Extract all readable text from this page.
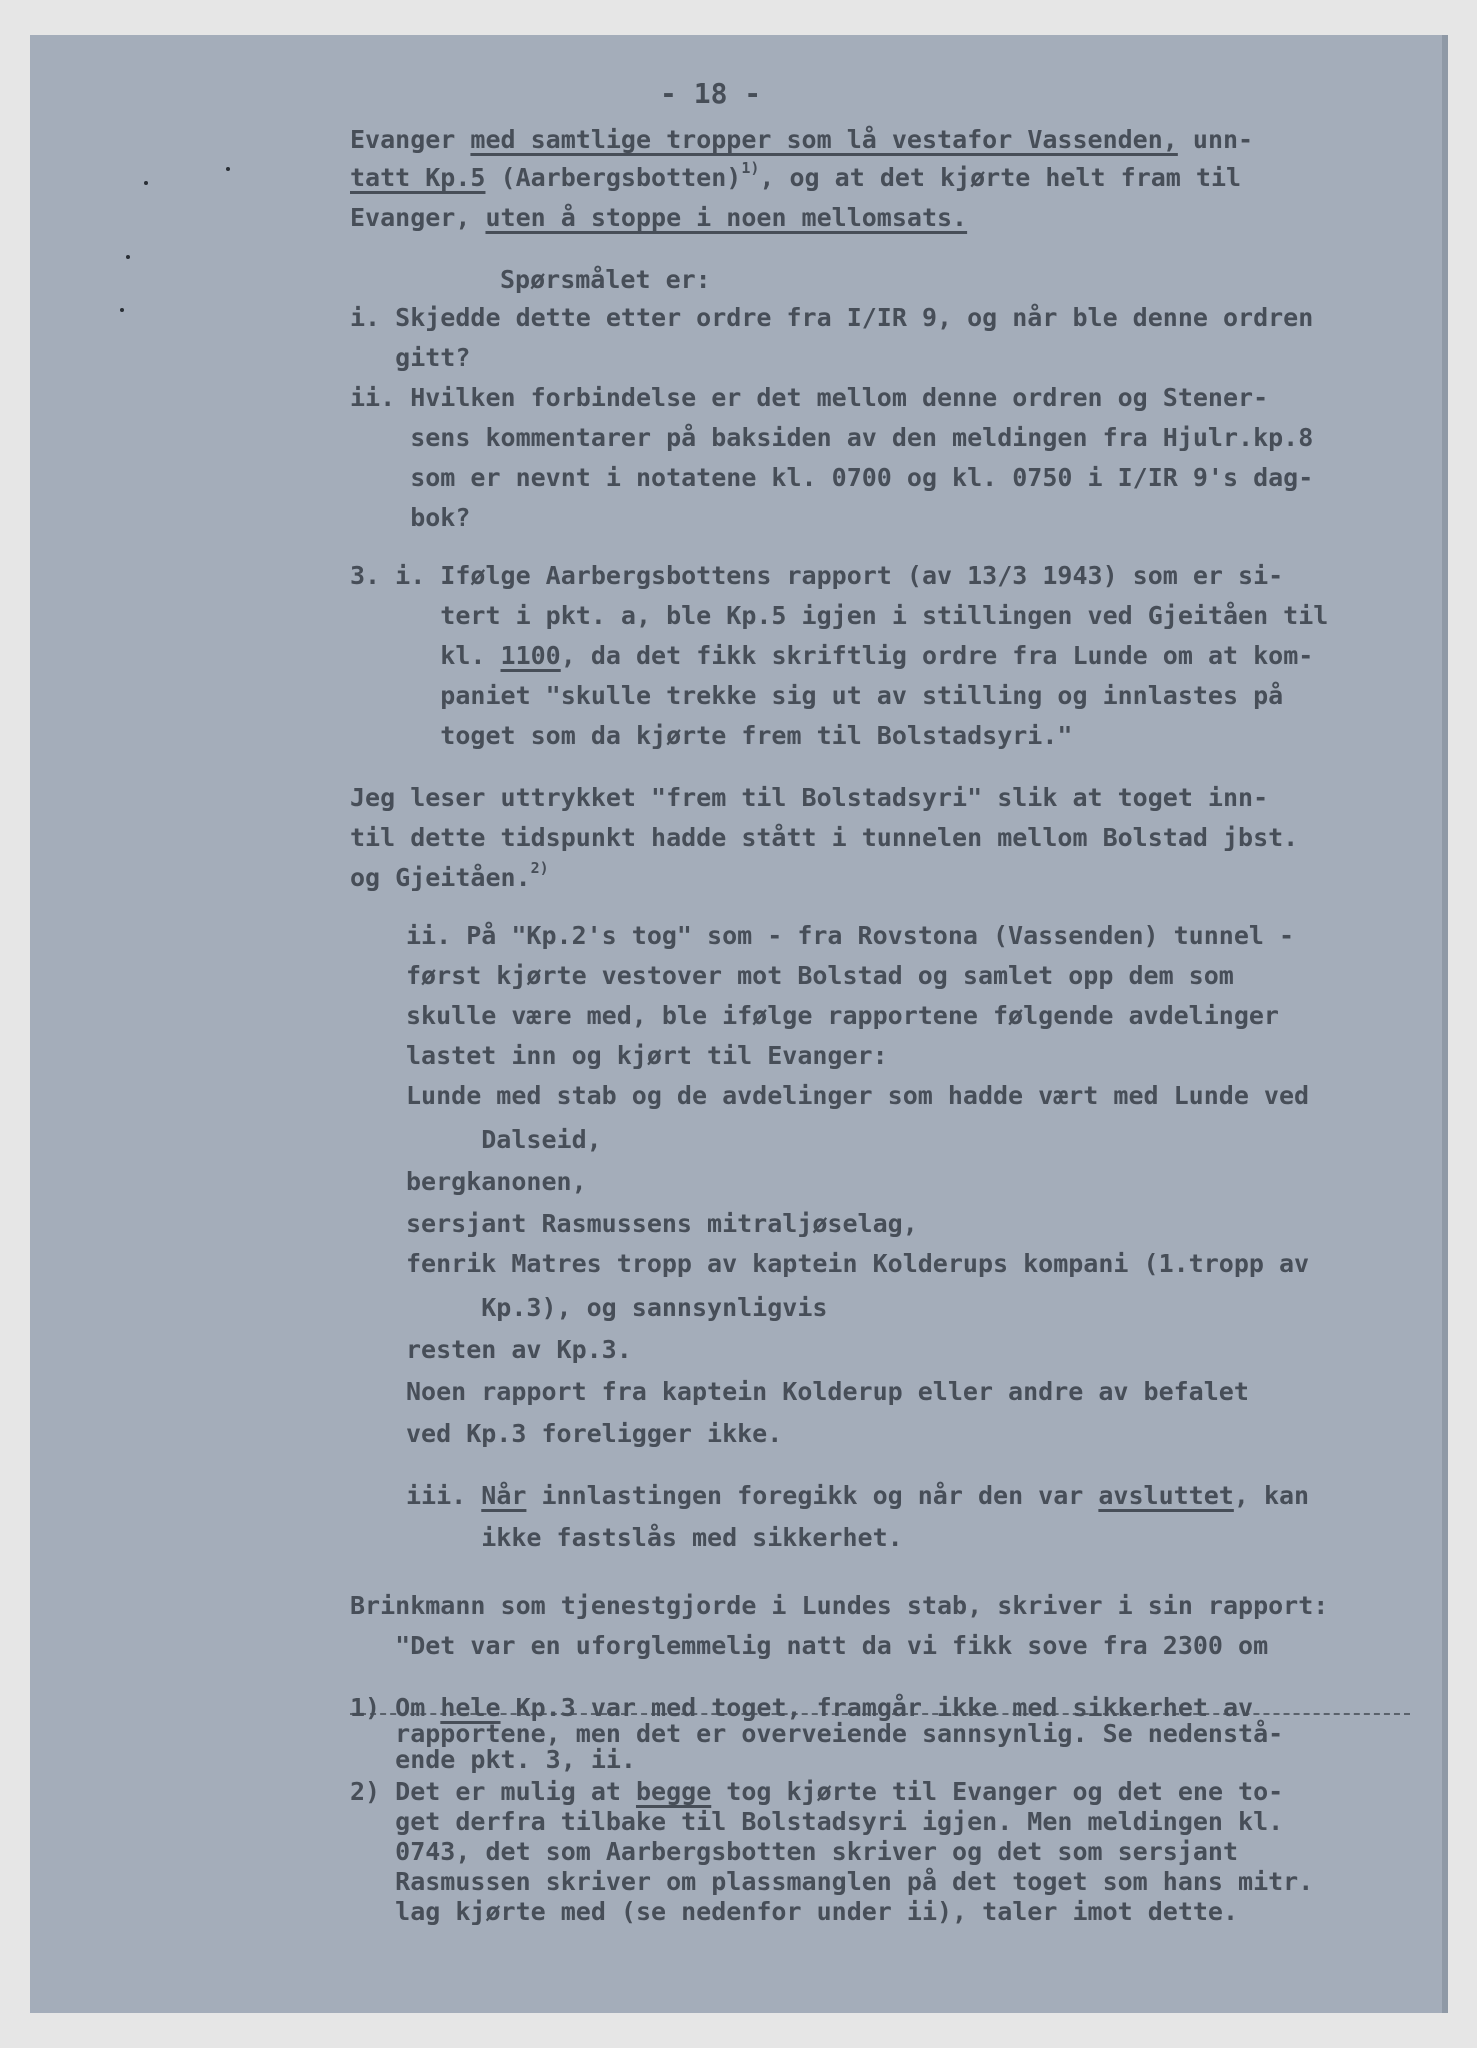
- 18 -
Evanger med samtlige tropper som lå vestafor Vassenden, unn-
tatt Kp.5 (Aarbergsbotten)$^{1)}$, og at det kjørte helt fram til
Evanger, uten å stoppe i noen mellomsats.
Spørsmålet er:
i. Skjedde dette etter ordre fra I/IR 9, og når ble denne ordren
gitt?
ii. Hvilken forbindelse er det mellom denne ordren og Stener-
sens kommentarer på baksiden av den meldingen fra Hjulr.kp.8
som er nevnt i notatene kl. 0700 og kl. 0750 i I/IR 9's dag-
bok?
3. i. Ifølge Aarbergsbottens rapport (av 13/3 1943) som er si-
tert i pkt. a, ble Kp.5 igjen i stillingen ved Gjeitåen til
kl. 1100, da det fikk skriftlig ordre fra Lunde om at kom-
paniet "skulle trekke sig ut av stilling og innlastes på
toget som da kjørte frem til Bolstadsyri."
Jeg leser uttrykket "frem til Bolstadsyri" slik at toget inn-
til dette tidspunkt hadde stått i tunnelen mellom Bolstad jbst.
og Gjeitåen.$^{2)}$
ii. På "Kp.2's tog" som - fra Rovstona (Vassenden) tunnel -
først kjørte vestover mot Bolstad og samlet opp dem som
skulle være med, ble ifølge rapportene følgende avdelinger
lastet inn og kjørt til Evanger:
Lunde med stab og de avdelinger som hadde vært med Lunde ved
Dalseid,
bergkanonen,
sersjant Rasmussens mitraljøselag,
fenrik Matres tropp av kaptein Kolderups kompani (1.tropp av
Kp.3), og sannsynligvis
resten av Kp.3.
Noen rapport fra kaptein Kolderup eller andre av befalet
ved Kp.3 foreligger ikke.
iii. Når innlastingen foregikk og når den var avsluttet, kan
ikke fastslås med sikkerhet.
Brinkmann som tjenestgjorde i Lundes stab, skriver i sin rapport:
"Det var en uforglemmelig natt da vi fikk sove fra 2300 om
1) Om hele Kp.3 var med toget, framgår ikke med sikkerhet av
rapportene, men det er overveiende sannsynlig. Se nedenstå-
ende pkt. 3, ii.
2) Det er mulig at begge tog kjørte til Evanger og det ene to-
get derfra tilbake til Bolstadsyri igjen. Men meldingen kl.
0743, det som Aarbergsbotten skriver og det som sersjant
Rasmussen skriver om plassmanglen på det toget som hans mitr.
lag kjørte med (se nedenfor under ii), taler imot dette.
